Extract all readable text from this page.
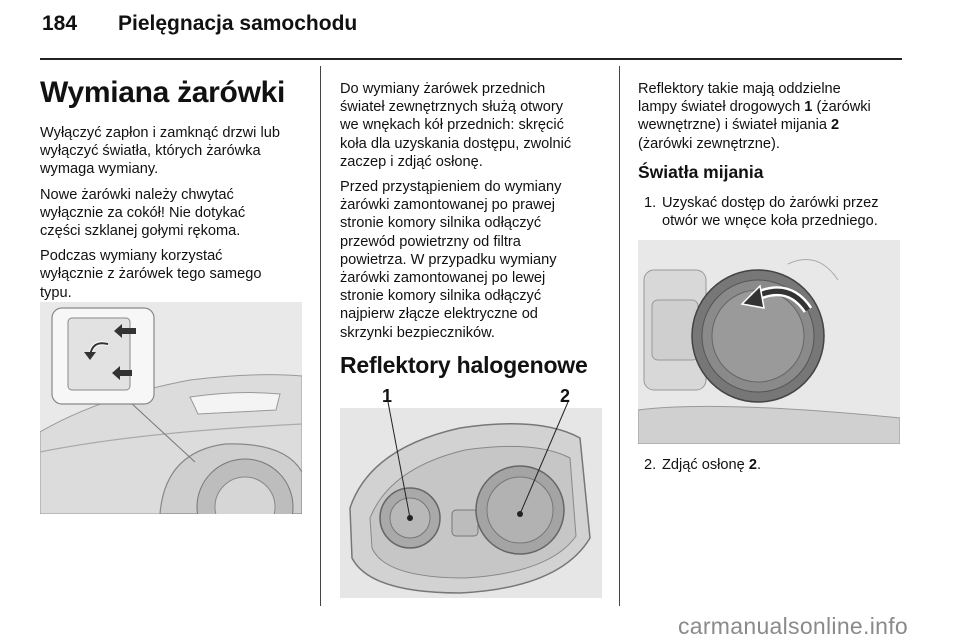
184 Pielęgnacja samochodu
Wymiana żarówki

Wyłączyć zapłon i zamknąć drzwi lub
wyłączyć światła, których żarówka
wymaga wymiany.

Nowe żarówki należy chwytać
wyłącznie za cokół! Nie dotykać
części szklanej gołymi rękoma.

Podczas wymiany korzystać
wyłącznie z żarówek tego samego
typu.

Do wymiany żarówek przednich
świateł zewnętrznych służą otwory
we wnękach kół przednich: skręcić
koła dla uzyskania dostępu, zwolnić
zaczep i zdjąć osłonę.

Przed przystąpieniem do wymiany
żarówki zamontowanej po prawej
stronie komory silnika odłączyć
przewód powietrzny od filtra
powietrza. W przypadku wymiany
żarówki zamontowanej po lewej
stronie komory silnika odłączyć
najpierw złącze elektryczne od
skrzynki bezpieczników.

Reflektory halogenowe
1	2

Reflektory takie mają oddzielne
lampy świateł drogowych 1 (żarówki
wewnętrzne) i świateł mijania 2
(żarówki zewnętrzne).

Światła mijania
1. Uzyskać dostęp do żarówki przez
otwór we wnęce koła przedniego.

2. Zdjąć osłonę 2.

carmanualsonline.info
